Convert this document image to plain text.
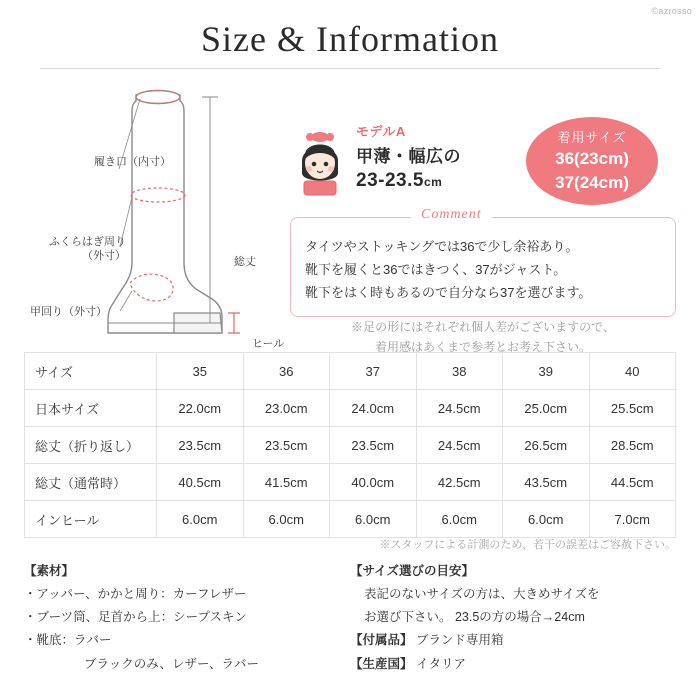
©azrosso
Size & Information
履き口（内寸）
ふくらはぎ周り
（外寸）
甲回り（外寸）
総丈
ヒール
モデルA
甲薄・幅広の
23-23.5cm
着用サイズ
36(23cm)
37(24cm)
Comment
タイツやストッキングでは36で少し余裕あり。
靴下を履くと36ではきつく、37がジャスト。
靴下をはく時もあるので自分なら37を選びます。
※足の形にはそれぞれ個人差がございますので、
着用感はあくまで参考とお考え下さい。
サイズ	35	36	37	38	39	40
日本サイズ	22.0cm	23.0cm	24.0cm	24.5cm	25.0cm	25.5cm
総丈（折り返し）	23.5cm	23.5cm	23.5cm	24.5cm	26.5cm	28.5cm
総丈（通常時）	40.5cm	41.5cm	40.0cm	42.5cm	43.5cm	44.5cm
インヒール	6.0cm	6.0cm	6.0cm	6.0cm	6.0cm	7.0cm
※スタッフによる計測のため、若干の誤差はご容赦下さい。
【素材】
・アッパー、かかと周り：カーフレザー
・ブーツ筒、足首から上：シープスキン
・靴底：ラバー
ブラックのみ、レザー、ラバー
【サイズ選びの目安】
表記のないサイズの方は、大きめサイズを
お選び下さい。 23.5の方の場合→24cm
【付属品】 ブランド専用箱
【生産国】 イタリア
